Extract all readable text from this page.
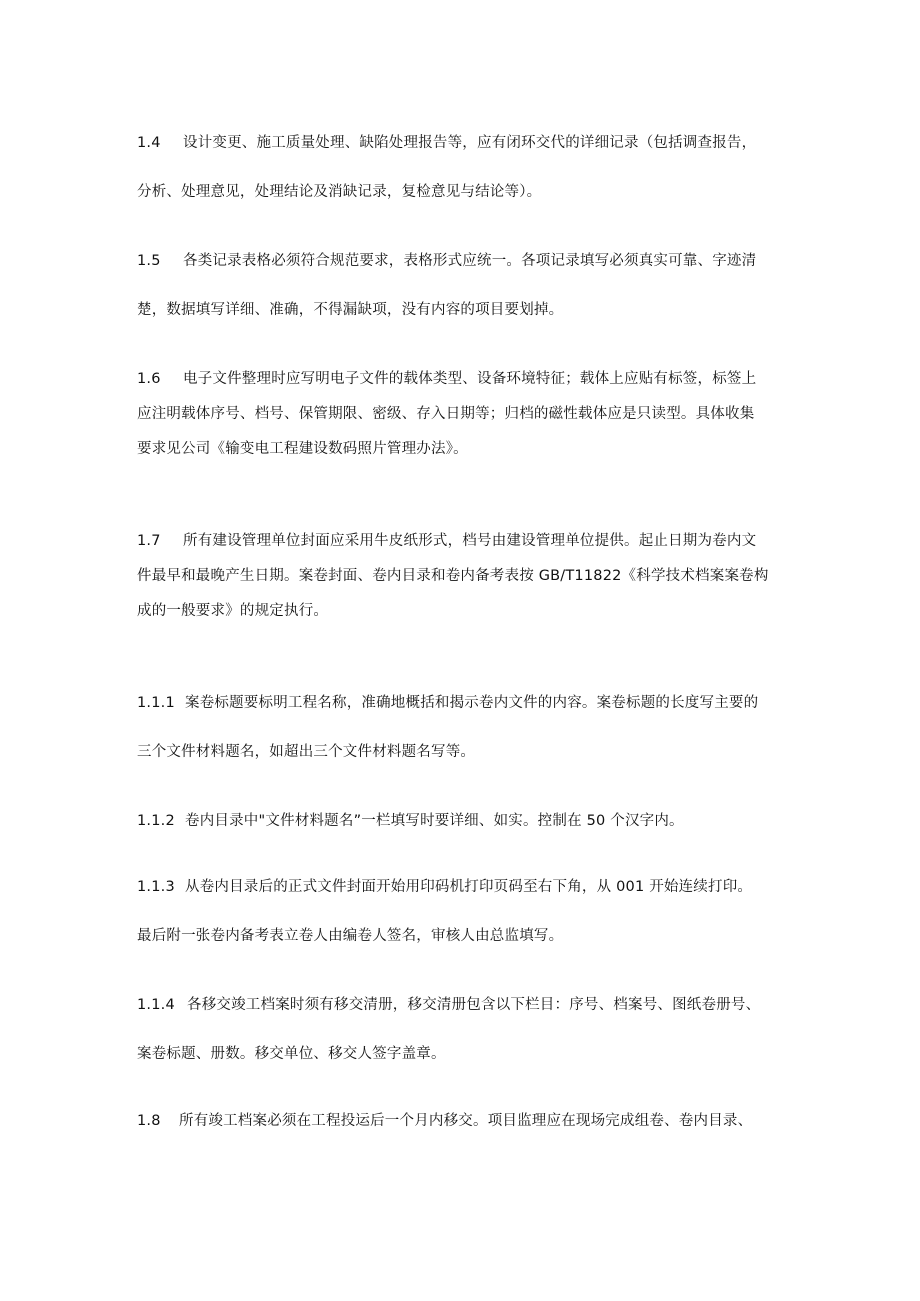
1.4 设计变更、施工质量处理、缺陷处理报告等，应有闭环交代的详细记录（包括调查报告，
分析、处理意见，处理结论及消缺记录，复检意见与结论等）。
1.5 各类记录表格必须符合规范要求，表格形式应统一。各项记录填写必须真实可靠、字迹清
楚，数据填写详细、准确，不得漏缺项，没有内容的项目要划掉。
1.6 电子文件整理时应写明电子文件的载体类型、设备环境特征；载体上应贴有标签，标签上
应注明载体序号、档号、保管期限、密级、存入日期等；归档的磁性载体应是只读型。具体收集
要求见公司《输变电工程建设数码照片管理办法》。
1.7 所有建设管理单位封面应采用牛皮纸形式，档号由建设管理单位提供。起止日期为卷内文
件最早和最晚产生日期。案卷封面、卷内目录和卷内备考表按 GB/T11822《科学技术档案案卷构
成的一般要求》的规定执行。
1.1.1 案卷标题要标明工程名称，准确地概括和揭示卷内文件的内容。案卷标题的长度写主要的
三个文件材料题名，如超出三个文件材料题名写等。
1.1.2 卷内目录中"文件材料题名”一栏填写时要详细、如实。控制在 50 个汉字内。
1.1.3 从卷内目录后的正式文件封面开始用印码机打印页码至右下角，从 001 开始连续打印。
最后附一张卷内备考表立卷人由编卷人签名，审核人由总监填写。
1.1.4 各移交竣工档案时须有移交清册，移交清册包含以下栏目：序号、档案号、图纸卷册号、
案卷标题、册数。移交单位、移交人签字盖章。
1.8 所有竣工档案必须在工程投运后一个月内移交。项目监理应在现场完成组卷、卷内目录、
